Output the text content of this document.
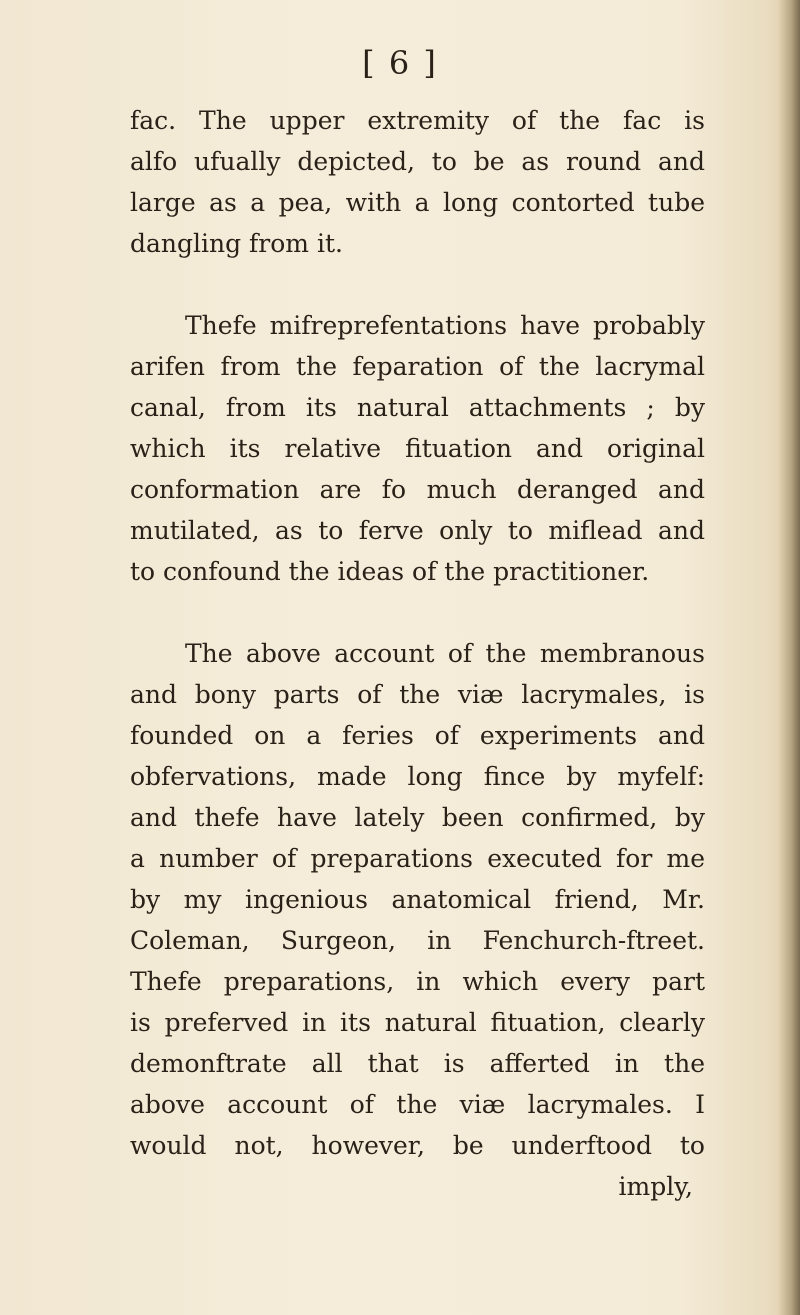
[ 6 ]
fac. The upper extremity of the fac is
alfo ufually depicted, to be as round and
large as a pea, with a long contorted tube
dangling from it.
Thefe mifreprefentations have probably
arifen from the feparation of the lacrymal
canal, from its natural attachments ; by
which its relative fituation and original
conformation are fo much deranged and
mutilated, as to ferve only to miflead and
to confound the ideas of the practitioner.
The above account of the membranous
and bony parts of the viæ lacrymales, is
founded on a feries of experiments and
obfervations, made long fince by myfelf:
and thefe have lately been confirmed, by
a number of preparations executed for me
by my ingenious anatomical friend, Mr.
Coleman, Surgeon, in Fenchurch-ftreet.
Thefe preparations, in which every part
is preferved in its natural fituation, clearly
demonftrate all that is afferted in the
above account of the viæ lacrymales. I
would not, however, be underftood to
imply,
